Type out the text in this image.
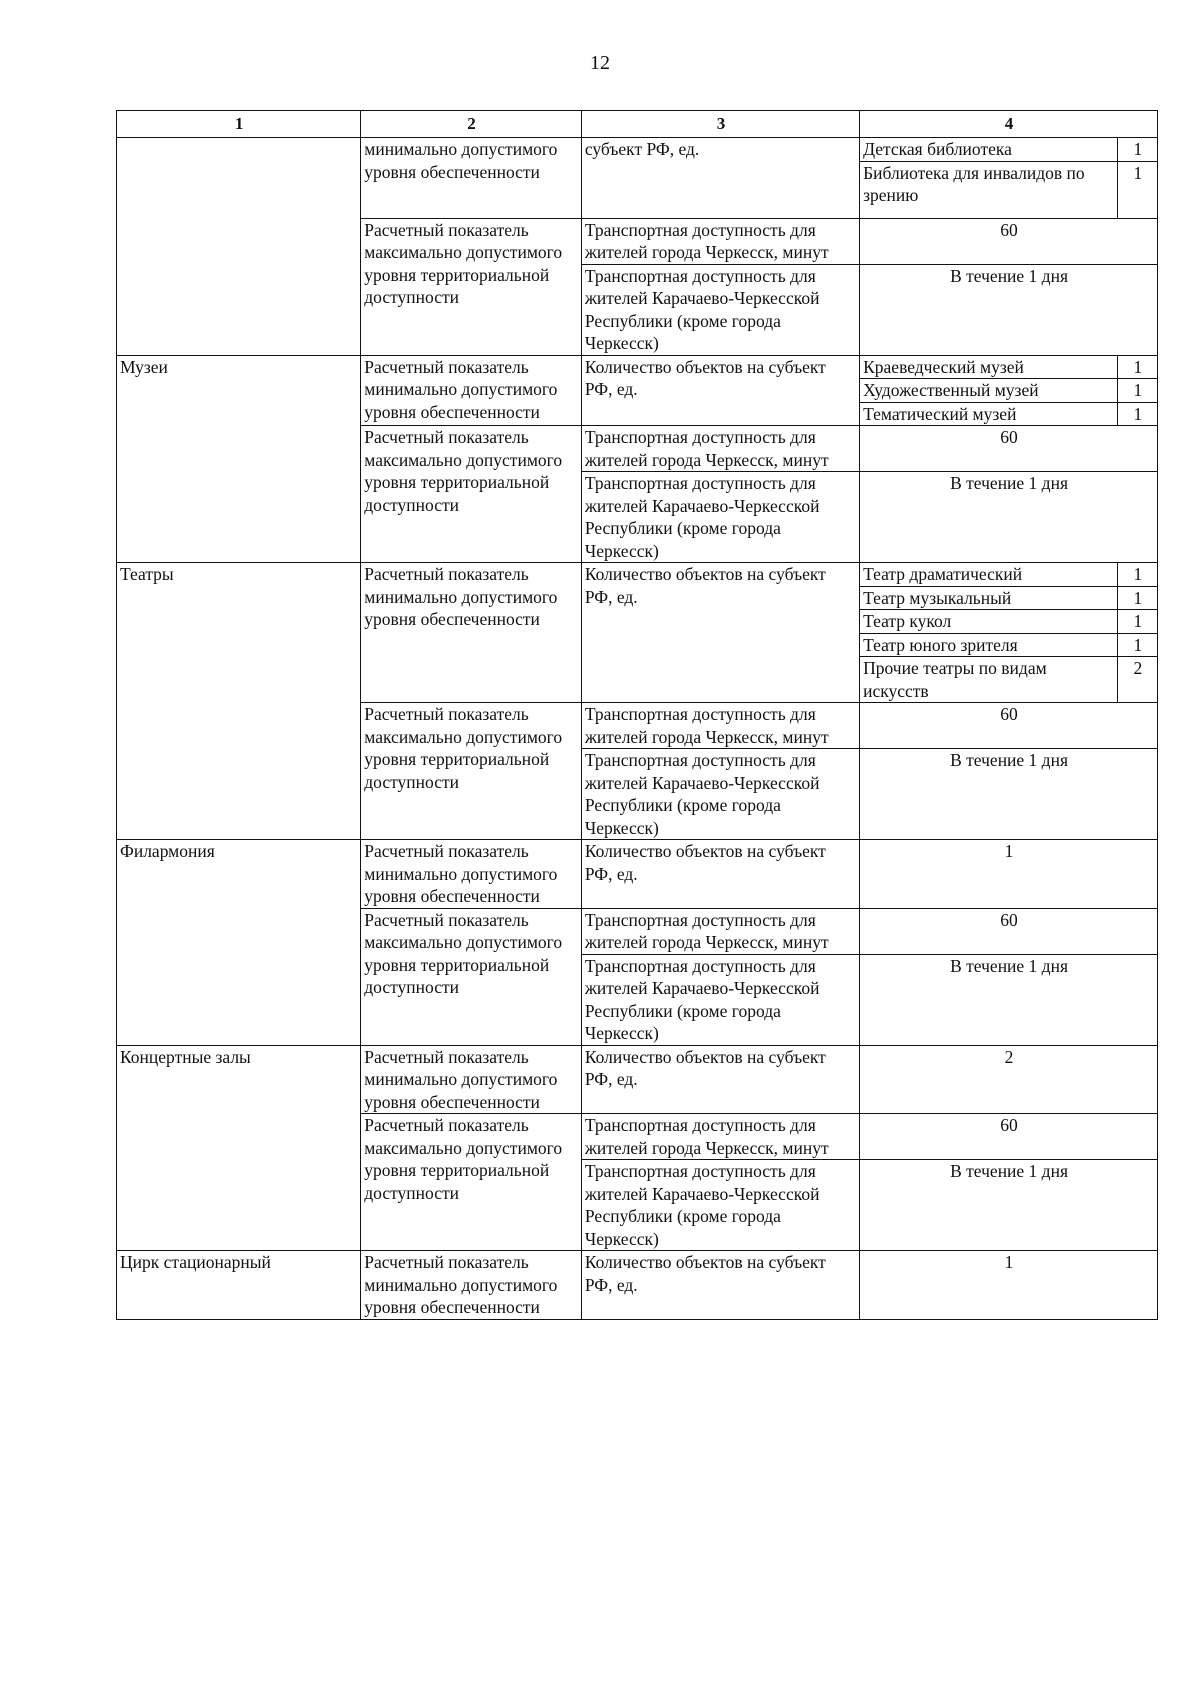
12
1	2	3	4	
	минимально допустимого уровня обеспеченности	субъект РФ, ед.	Детская библиотека	1
			Библиотека для инвалидов по зрению	1
	Расчетный показатель максимально допустимого уровня территориальной доступности	Транспортная доступность для жителей города Черкесск, минут	60	
		Транспортная доступность для жителей Карачаево-Черкесской Республики (кроме города Черкесск)	В течение 1 дня	
Музеи	Расчетный показатель минимально допустимого уровня обеспеченности	Количество объектов на субъект РФ, ед.	Краеведческий музей	1
			Художественный музей	1
			Тематический музей	1
	Расчетный показатель максимально допустимого уровня территориальной доступности	Транспортная доступность для жителей города Черкесск, минут	60	
		Транспортная доступность для жителей Карачаево-Черкесской Республики (кроме города Черкесск)	В течение 1 дня	
Театры	Расчетный показатель минимально допустимого уровня обеспеченности	Количество объектов на субъект РФ, ед.	Театр драматический	1
			Театр музыкальный	1
			Театр кукол	1
			Театр юного зрителя	1
			Прочие театры по видам искусств	2
	Расчетный показатель максимально допустимого уровня территориальной доступности	Транспортная доступность для жителей города Черкесск, минут	60	
		Транспортная доступность для жителей Карачаево-Черкесской Республики (кроме города Черкесск)	В течение 1 дня	
Филармония	Расчетный показатель минимально допустимого уровня обеспеченности	Количество объектов на субъект РФ, ед.	1	
	Расчетный показатель максимально допустимого уровня территориальной доступности	Транспортная доступность для жителей города Черкесск, минут	60	
		Транспортная доступность для жителей Карачаево-Черкесской Республики (кроме города Черкесск)	В течение 1 дня	
Концертные залы	Расчетный показатель минимально допустимого уровня обеспеченности	Количество объектов на субъект РФ, ед.	2	
	Расчетный показатель максимально допустимого уровня территориальной доступности	Транспортная доступность для жителей города Черкесск, минут	60	
		Транспортная доступность для жителей Карачаево-Черкесской Республики (кроме города Черкесск)	В течение 1 дня	
Цирк стационарный	Расчетный показатель минимально допустимого уровня обеспеченности	Количество объектов на субъект РФ, ед.	1	
